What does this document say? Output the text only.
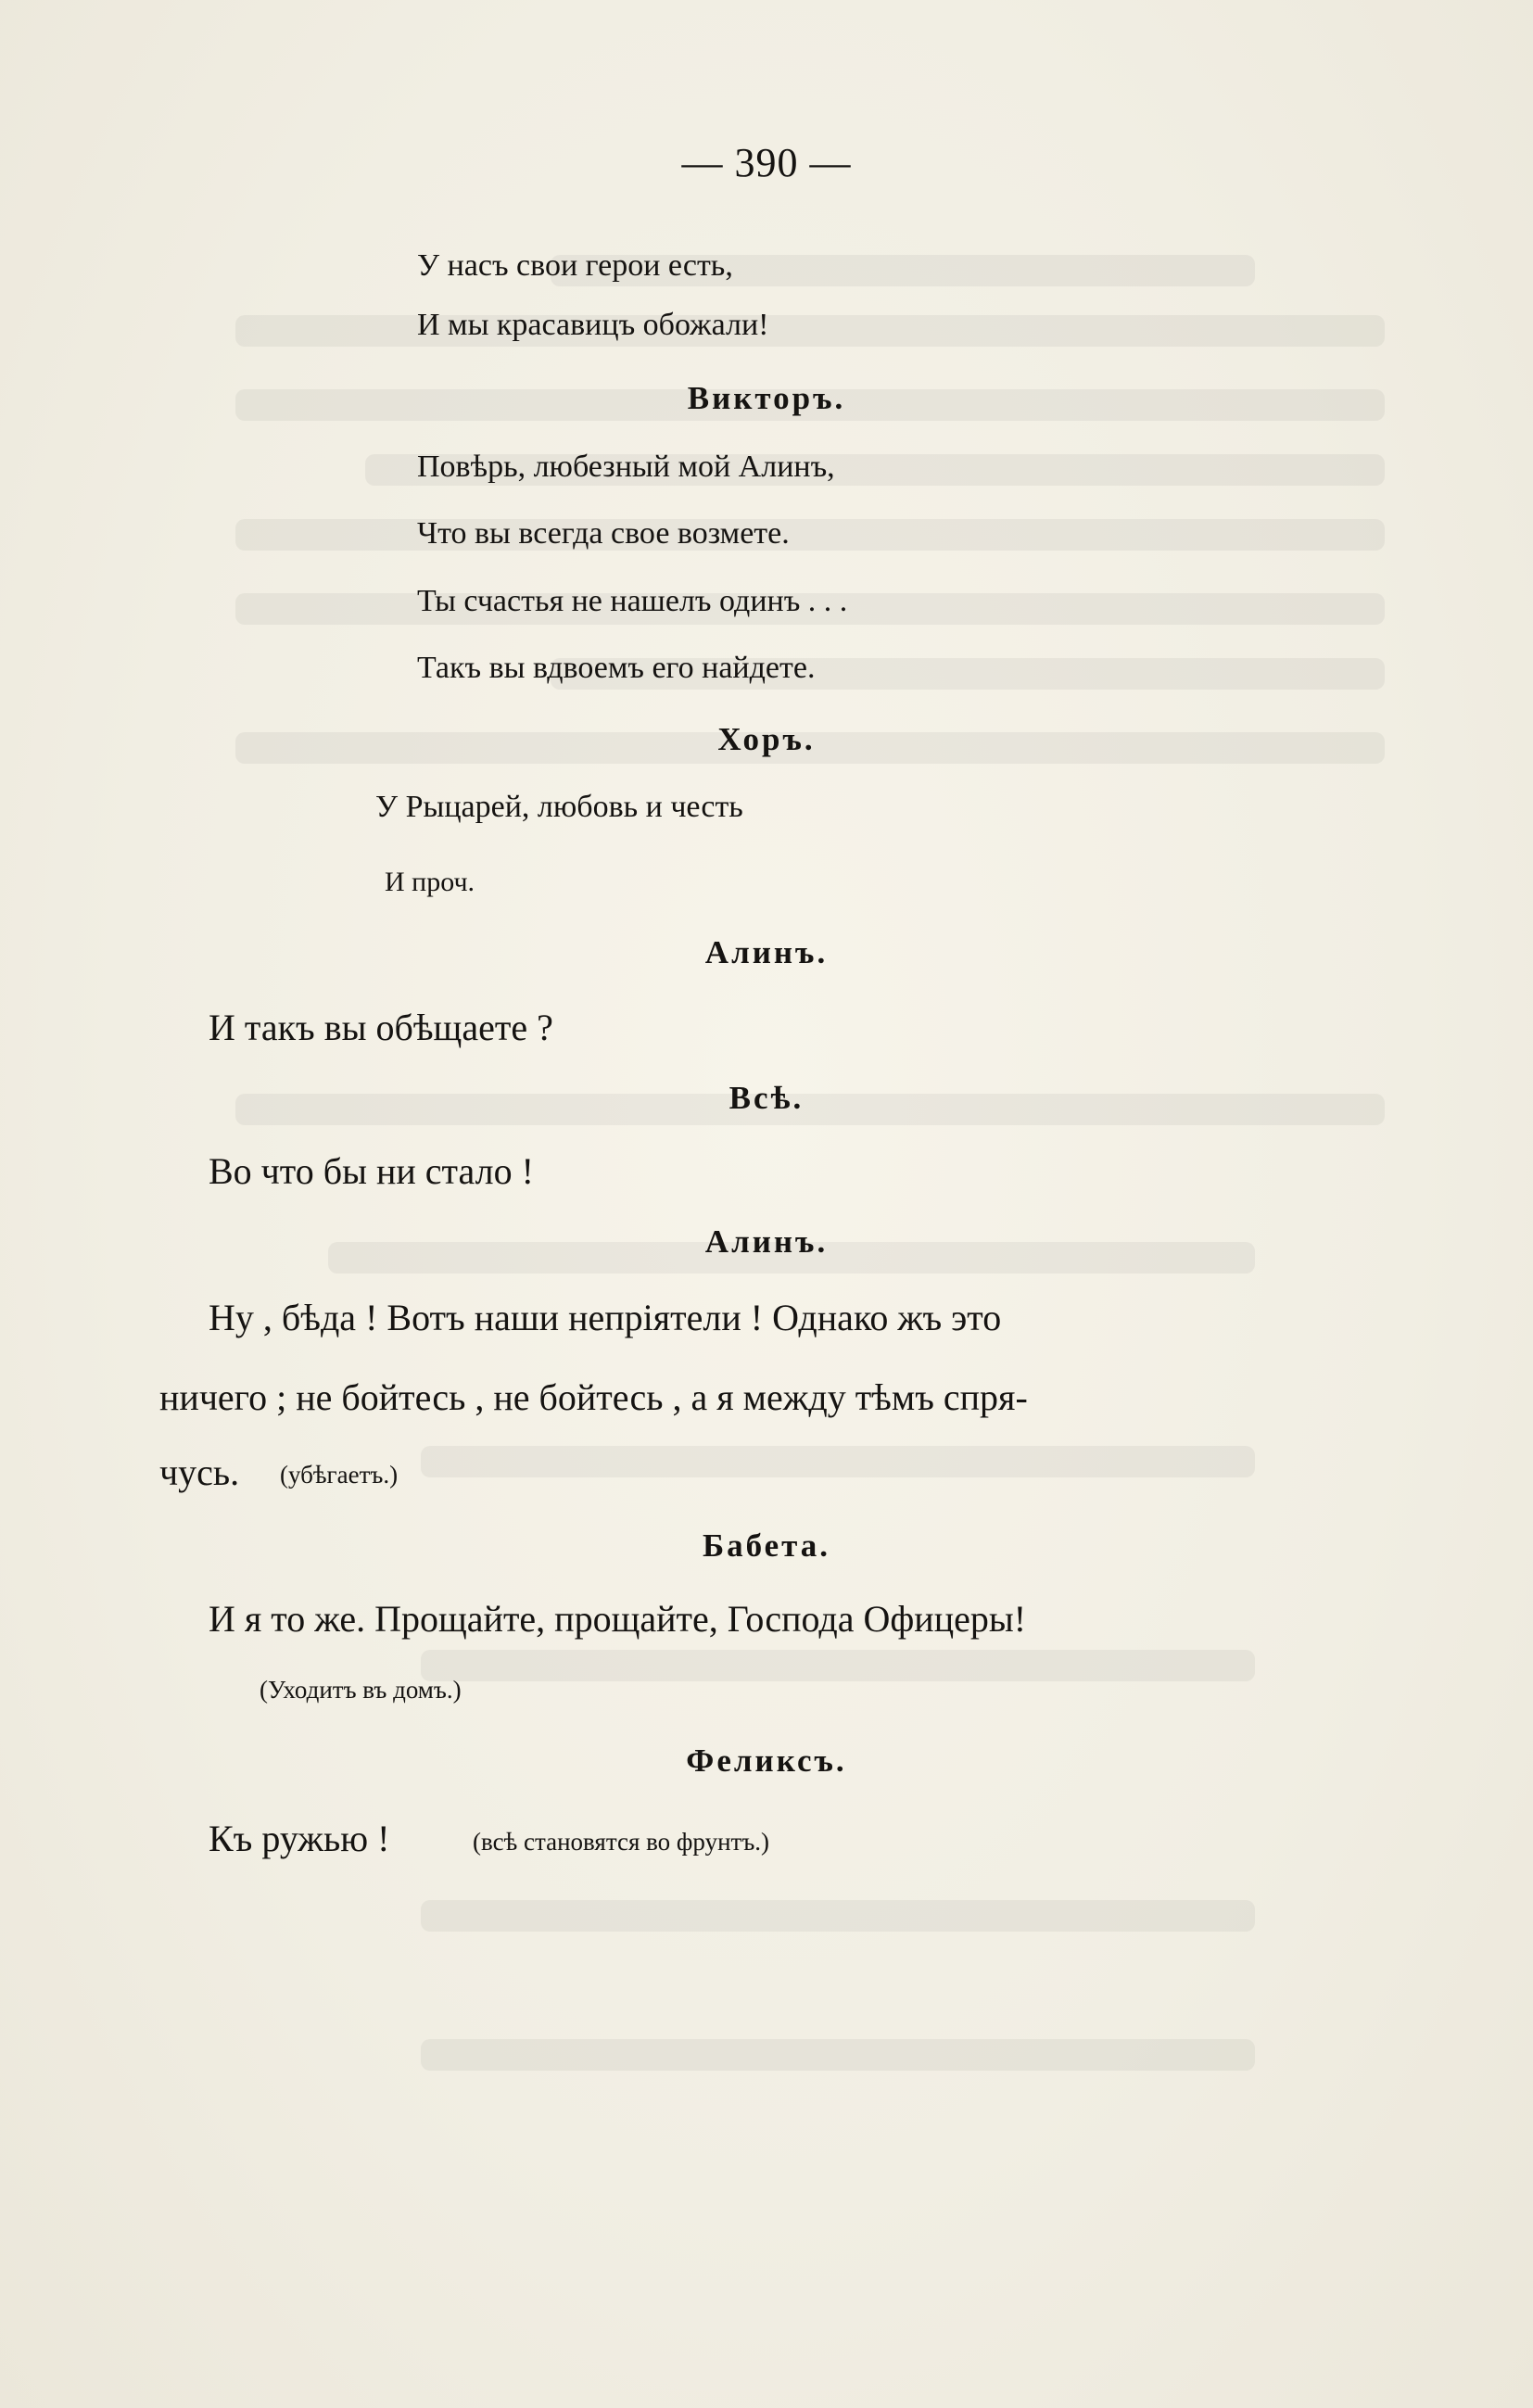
— 390 —
У насъ свои герои есть,
И мы красавицъ обожали!
Викторъ.
Повѣрь, любезный мой Алинъ,
Что вы всегда свое возмете.
Ты счастья не нашелъ одинъ . . .
Такъ вы вдвоемъ его найдете.
Хоръ.
У Рыцарей, любовь и честь
И проч.
Алинъ.
И такъ вы обѣщаете ?
Всѣ.
Во что бы ни стало !
Алинъ.
Ну , бѣда ! Вотъ наши непріятели ! Однако жъ это
ничего ; не бойтесь , не бойтесь , а я между тѣмъ спря-
чусь. (убѣгаетъ.)
Бабета.
И я то же. Прощайте, прощайте, Господа Офицеры!
(Уходитъ въ домъ.)
Феликсъ.
Къ ружью !	(всѣ становятся во фрунтъ.)
